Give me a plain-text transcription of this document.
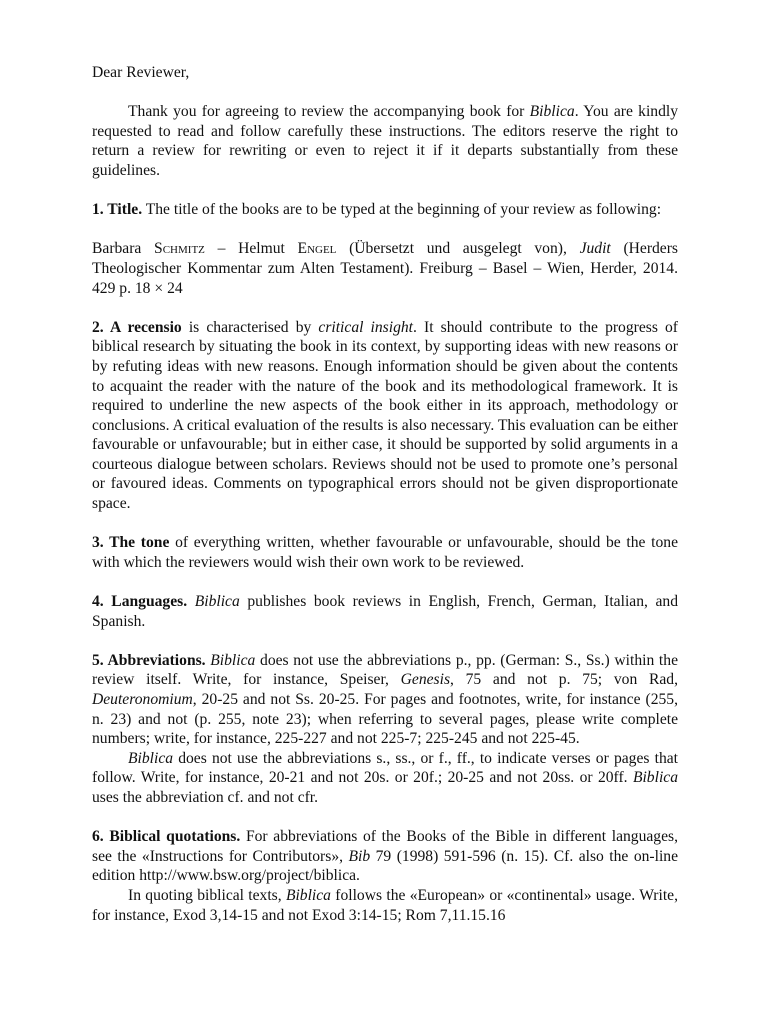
Dear Reviewer,

Thank you for agreeing to review the accompanying book for Biblica. You are kindly requested to read and follow carefully these instructions. The editors reserve the right to return a review for rewriting or even to reject it if it departs substantially from these guidelines.

1. Title. The title of the books are to be typed at the beginning of your review as following:

Barbara Schmitz – Helmut Engel (Übersetzt und ausgelegt von), Judit (Herders Theologischer Kommentar zum Alten Testament). Freiburg – Basel – Wien, Herder, 2014. 429 p. 18 × 24

2. A recensio is characterised by critical insight. It should contribute to the progress of biblical research by situating the book in its context, by supporting ideas with new reasons or by refuting ideas with new reasons. Enough information should be given about the contents to acquaint the reader with the nature of the book and its methodological framework. It is required to underline the new aspects of the book either in its approach, methodology or conclusions. A critical evaluation of the results is also necessary. This evaluation can be either favourable or unfavourable; but in either case, it should be supported by solid arguments in a courteous dialogue between scholars. Reviews should not be used to promote one’s personal or favoured ideas. Comments on typographical errors should not be given disproportionate space.

3. The tone of everything written, whether favourable or unfavourable, should be the tone with which the reviewers would wish their own work to be reviewed.

4. Languages. Biblica publishes book reviews in English, French, German, Italian, and Spanish.

5. Abbreviations. Biblica does not use the abbreviations p., pp. (German: S., Ss.) within the review itself. Write, for instance, Speiser, Genesis, 75 and not p. 75; von Rad, Deuteronomium, 20-25 and not Ss. 20-25. For pages and footnotes, write, for instance (255, n. 23) and not (p. 255, note 23); when referring to several pages, please write complete numbers; write, for instance, 225-227 and not 225-7; 225-245 and not 225-45.

Biblica does not use the abbreviations s., ss., or f., ff., to indicate verses or pages that follow. Write, for instance, 20-21 and not 20s. or 20f.; 20-25 and not 20ss. or 20ff. Biblica uses the abbreviation cf. and not cfr.

6. Biblical quotations. For abbreviations of the Books of the Bible in different languages, see the «Instructions for Contributors», Bib 79 (1998) 591-596 (n. 15). Cf. also the on-line edition http://www.bsw.org/project/biblica.

In quoting biblical texts, Biblica follows the «European» or «continental» usage. Write, for instance, Exod 3,14-15 and not Exod 3:14-15; Rom 7,11.15.16
